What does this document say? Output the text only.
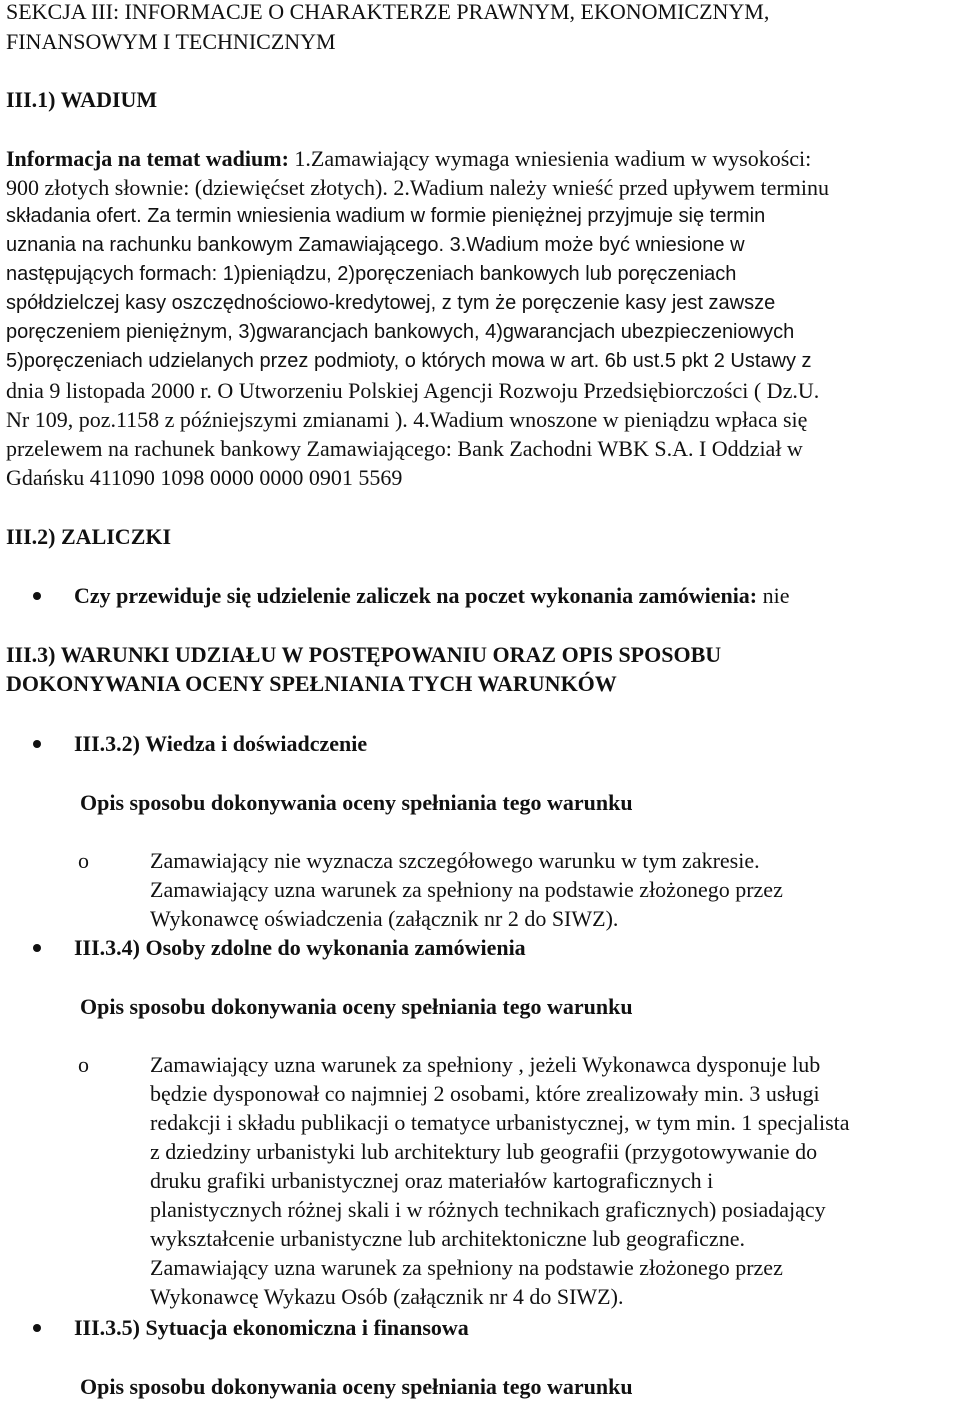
SEKCJA III: INFORMACJE O CHARAKTERZE PRAWNYM, EKONOMICZNYM,
FINANSOWYM I TECHNICZNYM
III.1) WADIUM
Informacja na temat wadium: 1.Zamawiający wymaga wniesienia wadium w wysokości:
900 złotych słownie: (dziewięćset złotych). 2.Wadium należy wnieść przed upływem terminu
składania ofert. Za termin wniesienia wadium w formie pieniężnej przyjmuje się termin
uznania na rachunku bankowym Zamawiającego. 3.Wadium może być wniesione w
następujących formach: 1)pieniądzu, 2)poręczeniach bankowych lub poręczeniach
spółdzielczej kasy oszczędnościowo-kredytowej, z tym że poręczenie kasy jest zawsze
poręczeniem pieniężnym, 3)gwarancjach bankowych, 4)gwarancjach ubezpieczeniowych
5)poręczeniach udzielanych przez podmioty, o których mowa w art. 6b ust.5 pkt 2 Ustawy z
dnia 9 listopada 2000 r. O Utworzeniu Polskiej Agencji Rozwoju Przedsiębiorczości ( Dz.U.
Nr 109, poz.1158 z późniejszymi zmianami ). 4.Wadium wnoszone w pieniądzu wpłaca się
przelewem na rachunek bankowy Zamawiającego: Bank Zachodni WBK S.A. I Oddział w
Gdańsku 411090 1098 0000 0000 0901 5569
III.2) ZALICZKI
Czy przewiduje się udzielenie zaliczek na poczet wykonania zamówienia: nie
III.3) WARUNKI UDZIAŁU W POSTĘPOWANIU ORAZ OPIS SPOSOBU
DOKONYWANIA OCENY SPEŁNIANIA TYCH WARUNKÓW
III.3.2) Wiedza i doświadczenie
Opis sposobu dokonywania oceny spełniania tego warunku
o	Zamawiający nie wyznacza szczegółowego warunku w tym zakresie.
Zamawiający uzna warunek za spełniony na podstawie złożonego przez
Wykonawcę oświadczenia (załącznik nr 2 do SIWZ).
III.3.4) Osoby zdolne do wykonania zamówienia
Opis sposobu dokonywania oceny spełniania tego warunku
o	Zamawiający uzna warunek za spełniony , jeżeli Wykonawca dysponuje lub
będzie dysponował co najmniej 2 osobami, które zrealizowały min. 3 usługi
redakcji i składu publikacji o tematyce urbanistycznej, w tym min. 1 specjalista
z dziedziny urbanistyki lub architektury lub geografii (przygotowywanie do
druku grafiki urbanistycznej oraz materiałów kartograficznych i
planistycznych różnej skali i w różnych technikach graficznych) posiadający
wykształcenie urbanistyczne lub architektoniczne lub geograficzne.
Zamawiający uzna warunek za spełniony na podstawie złożonego przez
Wykonawcę Wykazu Osób (załącznik nr 4 do SIWZ).
III.3.5) Sytuacja ekonomiczna i finansowa
Opis sposobu dokonywania oceny spełniania tego warunku
